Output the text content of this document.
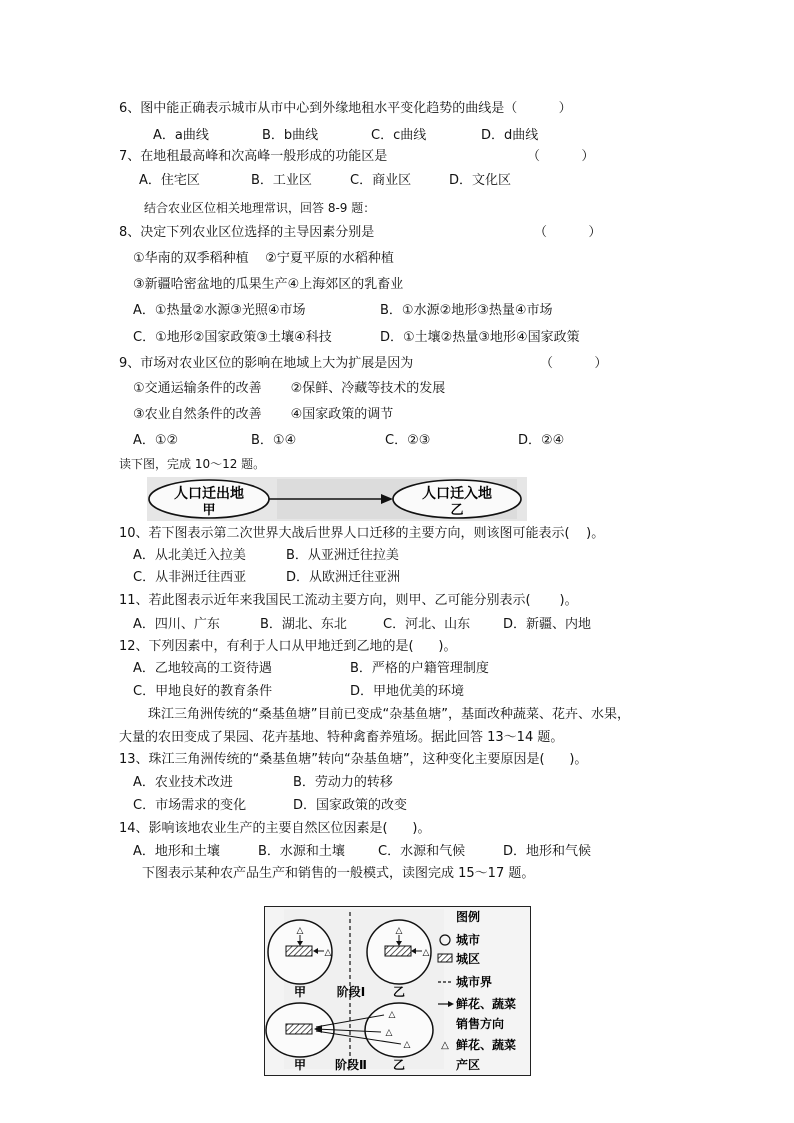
6、图中能正确表示城市从市中心到外缘地租水平变化趋势的曲线是（          ）
A．a曲线	B．b曲线	C．c曲线	D．d曲线
7、在地租最高峰和次高峰一般形成的功能区是	（          ）
A．住宅区	B．工业区	C．商业区	D．文化区
结合农业区位相关地理常识，回答 8-9 题：
8、决定下列农业区位选择的主导因素分别是	（          ）
①华南的双季稻种植    ②宁夏平原的水稻种植
③新疆哈密盆地的瓜果生产④上海郊区的乳畜业
A．①热量②水源③光照④市场	B．①水源②地形③热量④市场
C．①地形②国家政策③土壤④科技	D．①土壤②热量③地形④国家政策
9、市场对农业区位的影响在地域上大为扩展是因为	（          ）
①交通运输条件的改善       ②保鲜、冷藏等技术的发展
③农业自然条件的改善       ④国家政策的调节
A．①②	B．①④	C．②③	D．②④
读下图，完成 10～12 题。
人口迁出地
甲
人口迁入地
乙
10、若下图表示第二次世界大战后世界人口迁移的主要方向，则该图可能表示(    )。
A．从北美迁入拉美	B．从亚洲迁往拉美
C．从非洲迁往西亚	D．从欧洲迁往亚洲
11、若此图表示近年来我国民工流动主要方向，则甲、乙可能分别表示(       )。
A．四川、广东	B．湖北、东北	C．河北、山东	D．新疆、内地
12、下列因素中，有利于人口从甲地迁到乙地的是(      )。
A．乙地较高的工资待遇	B．严格的户籍管理制度
C．甲地良好的教育条件	D．甲地优美的环境
珠江三角洲传统的“桑基鱼塘”目前已变成“杂基鱼塘”，基面改种蔬菜、花卉、水果，
大量的农田变成了果园、花卉基地、特种禽畜养殖场。据此回答 13～14 题。
13、珠江三角洲传统的“桑基鱼塘”转向“杂基鱼塘”，这种变化主要原因是(      )。
A．农业技术改进	B．劳动力的转移
C．市场需求的变化	D．国家政策的改变
14、影响该地农业生产的主要自然区位因素是(      )。
A．地形和土壤	B．水源和土壤	C．水源和气候	D．地形和气候
下图表示某种农产品生产和销售的一般模式，读图完成 15～17 题。
△
△
△
△
甲	阶段Ⅰ 乙
△
△
△
甲 阶段Ⅱ 乙
图例
城市
城区
城市界
鲜花、蔬菜
销售方向
△ 鲜花、蔬菜
产区
